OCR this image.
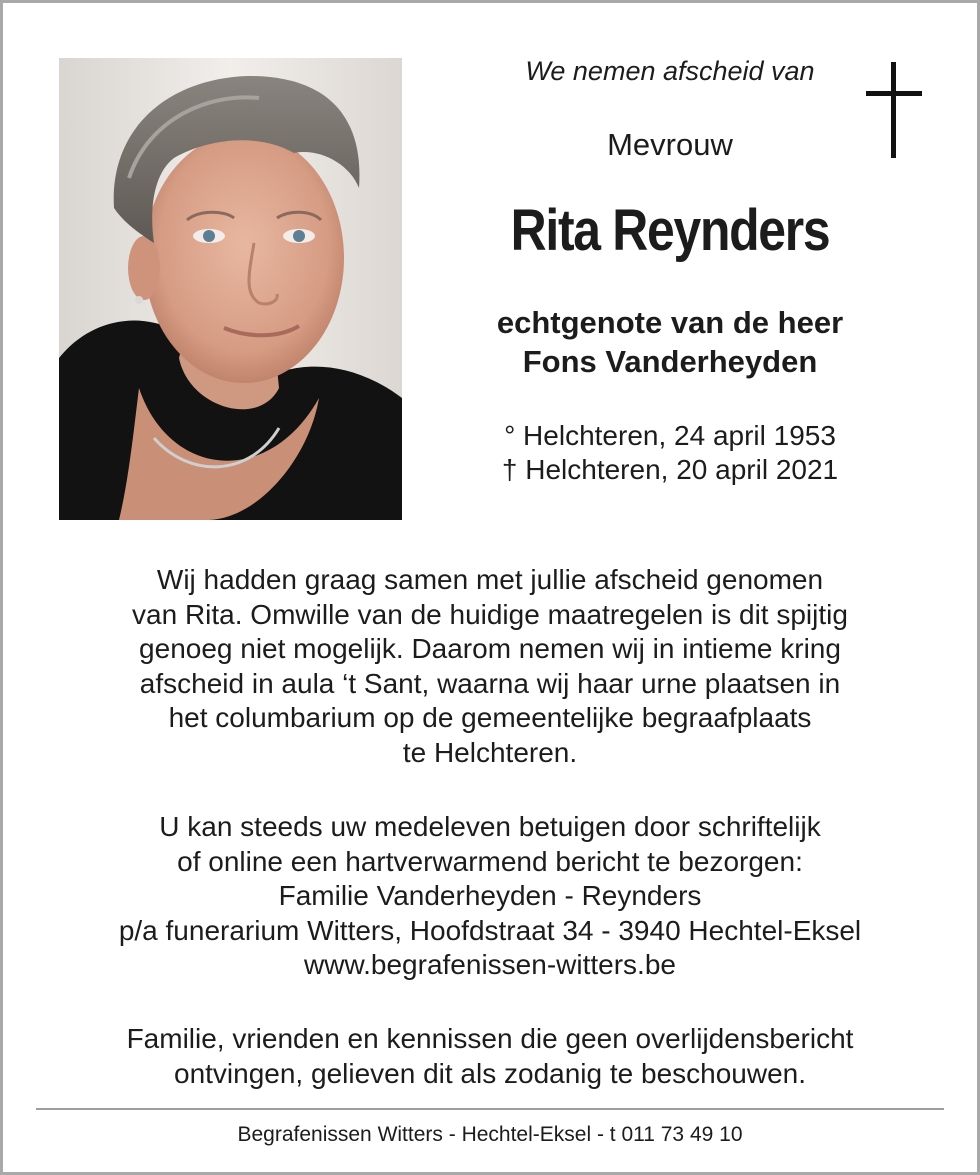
We nemen afscheid van
Mevrouw
Rita Reynders
echtgenote van de heer
Fons Vanderheyden
° Helchteren, 24 april 1953
† Helchteren, 20 april 2021
Wij hadden graag samen met jullie afscheid genomen
van Rita. Omwille van de huidige maatregelen is dit spijtig
genoeg niet mogelijk. Daarom nemen wij in intieme kring
afscheid in aula ‘t Sant, waarna wij haar urne plaatsen in
het columbarium op de gemeentelijke begraafplaats
te Helchteren.
U kan steeds uw medeleven betuigen door schriftelijk
of online een hartverwarmend bericht te bezorgen:
Familie Vanderheyden - Reynders
p/a funerarium Witters, Hoofdstraat 34 - 3940 Hechtel-Eksel
www.begrafenissen-witters.be
Familie, vrienden en kennissen die geen overlijdensbericht
ontvingen, gelieven dit als zodanig te beschouwen.
Begrafenissen Witters - Hechtel-Eksel - t 011 73 49 10
